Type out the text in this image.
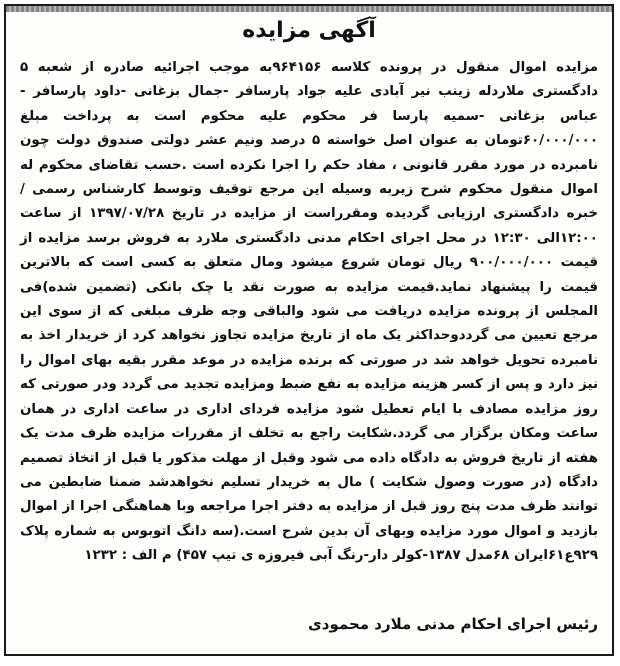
آگهی مزایده

مزایده اموال منقول در پرونده کلاسه ۹۶۴۱۵۶به موجب اجرائیه صادره از شعبه ۵ دادگستری ملاردله زینب نیر آبادی علیه جواد پارسافر -جمال بزغانی -داود پارسافر - عباس بزغانی -سمیه پارسا فر محکوم علیه محکوم است به پرداخت مبلغ ۶۰/۰۰۰/۰۰۰تومان به عنوان اصل خواسته ۵ درصد ونیم عشر دولتی صندوق دولت چون نامبرده در مورد مقرر قانونی ، مفاد حکم را اجرا نکرده است .حسب تقاضای محکوم له اموال منقول محکوم شرح زیربه وسیله این مرجع توقیف وتوسط کارشناس رسمی / خبره دادگستری ارزیابی گردیده ومقرراست از مزایده در تاریخ ۱۳۹۷/۰۷/۲۸ از ساعت ۱۲:۰۰الی ۱۲:۳۰ در محل اجرای احکام مدنی دادگستری ملارد به فروش برسد مزایده از قیمت ۹۰۰/۰۰۰/۰۰۰ ریال تومان شروع میشود ومال متعلق به کسی است که بالاترین قیمت را پیشنهاد نماید.قیمت مزایده به صورت نقد یا چک بانکی (تضمین شده)فی المجلس از پرونده مزایده دریافت می شود والباقی وجه ظرف مبلغی که از سوی این مرجع تعیین می گرددوحداکثر یک ماه از تاریخ مزایده تجاوز نخواهد کرد از خریدار اخذ به نامبرده تحویل خواهد شد در صورتی که برنده مزایده در موعد مقرر بقیه بهای اموال را نیز دارد و پس از کسر هزینه مزایده به نفع ضبط ومزایده تجدید می گردد ودر صورتی که روز مزایده مصادف با ایام تعطیل شود مزایده فردای اداری در ساعت اداری در همان ساعت ومکان برگزار می گردد.شکایت راجع به تخلف از مقررات مزایده ظرف مدت یک هفته از تاریخ فروش به دادگاه داده می شود وقبل از مهلت مذکور یا قبل از اتخاذ تصمیم دادگاه (در صورت وصول شکایت ) مال به خریدار تسلیم نخواهدشد ضمنا ضابطین می توانند ظرف مدت پنج روز قبل از مزایده به دفتر اجرا مراجعه وبا هماهنگی اجرا از اموال بازدید و اموال مورد مزایده وبهای آن بدین شرح است.(سه دانگ اتوبوس به شماره پلاک ۹۲۹ع۶۱ایران ۶۸مدل ۱۳۸۷-کولر دار-رنگ آبی فیروزه ی تیپ ۴۵۷) م الف : ۱۲۳۲

رئیس اجرای احکام مدنی ملارد محمودی
